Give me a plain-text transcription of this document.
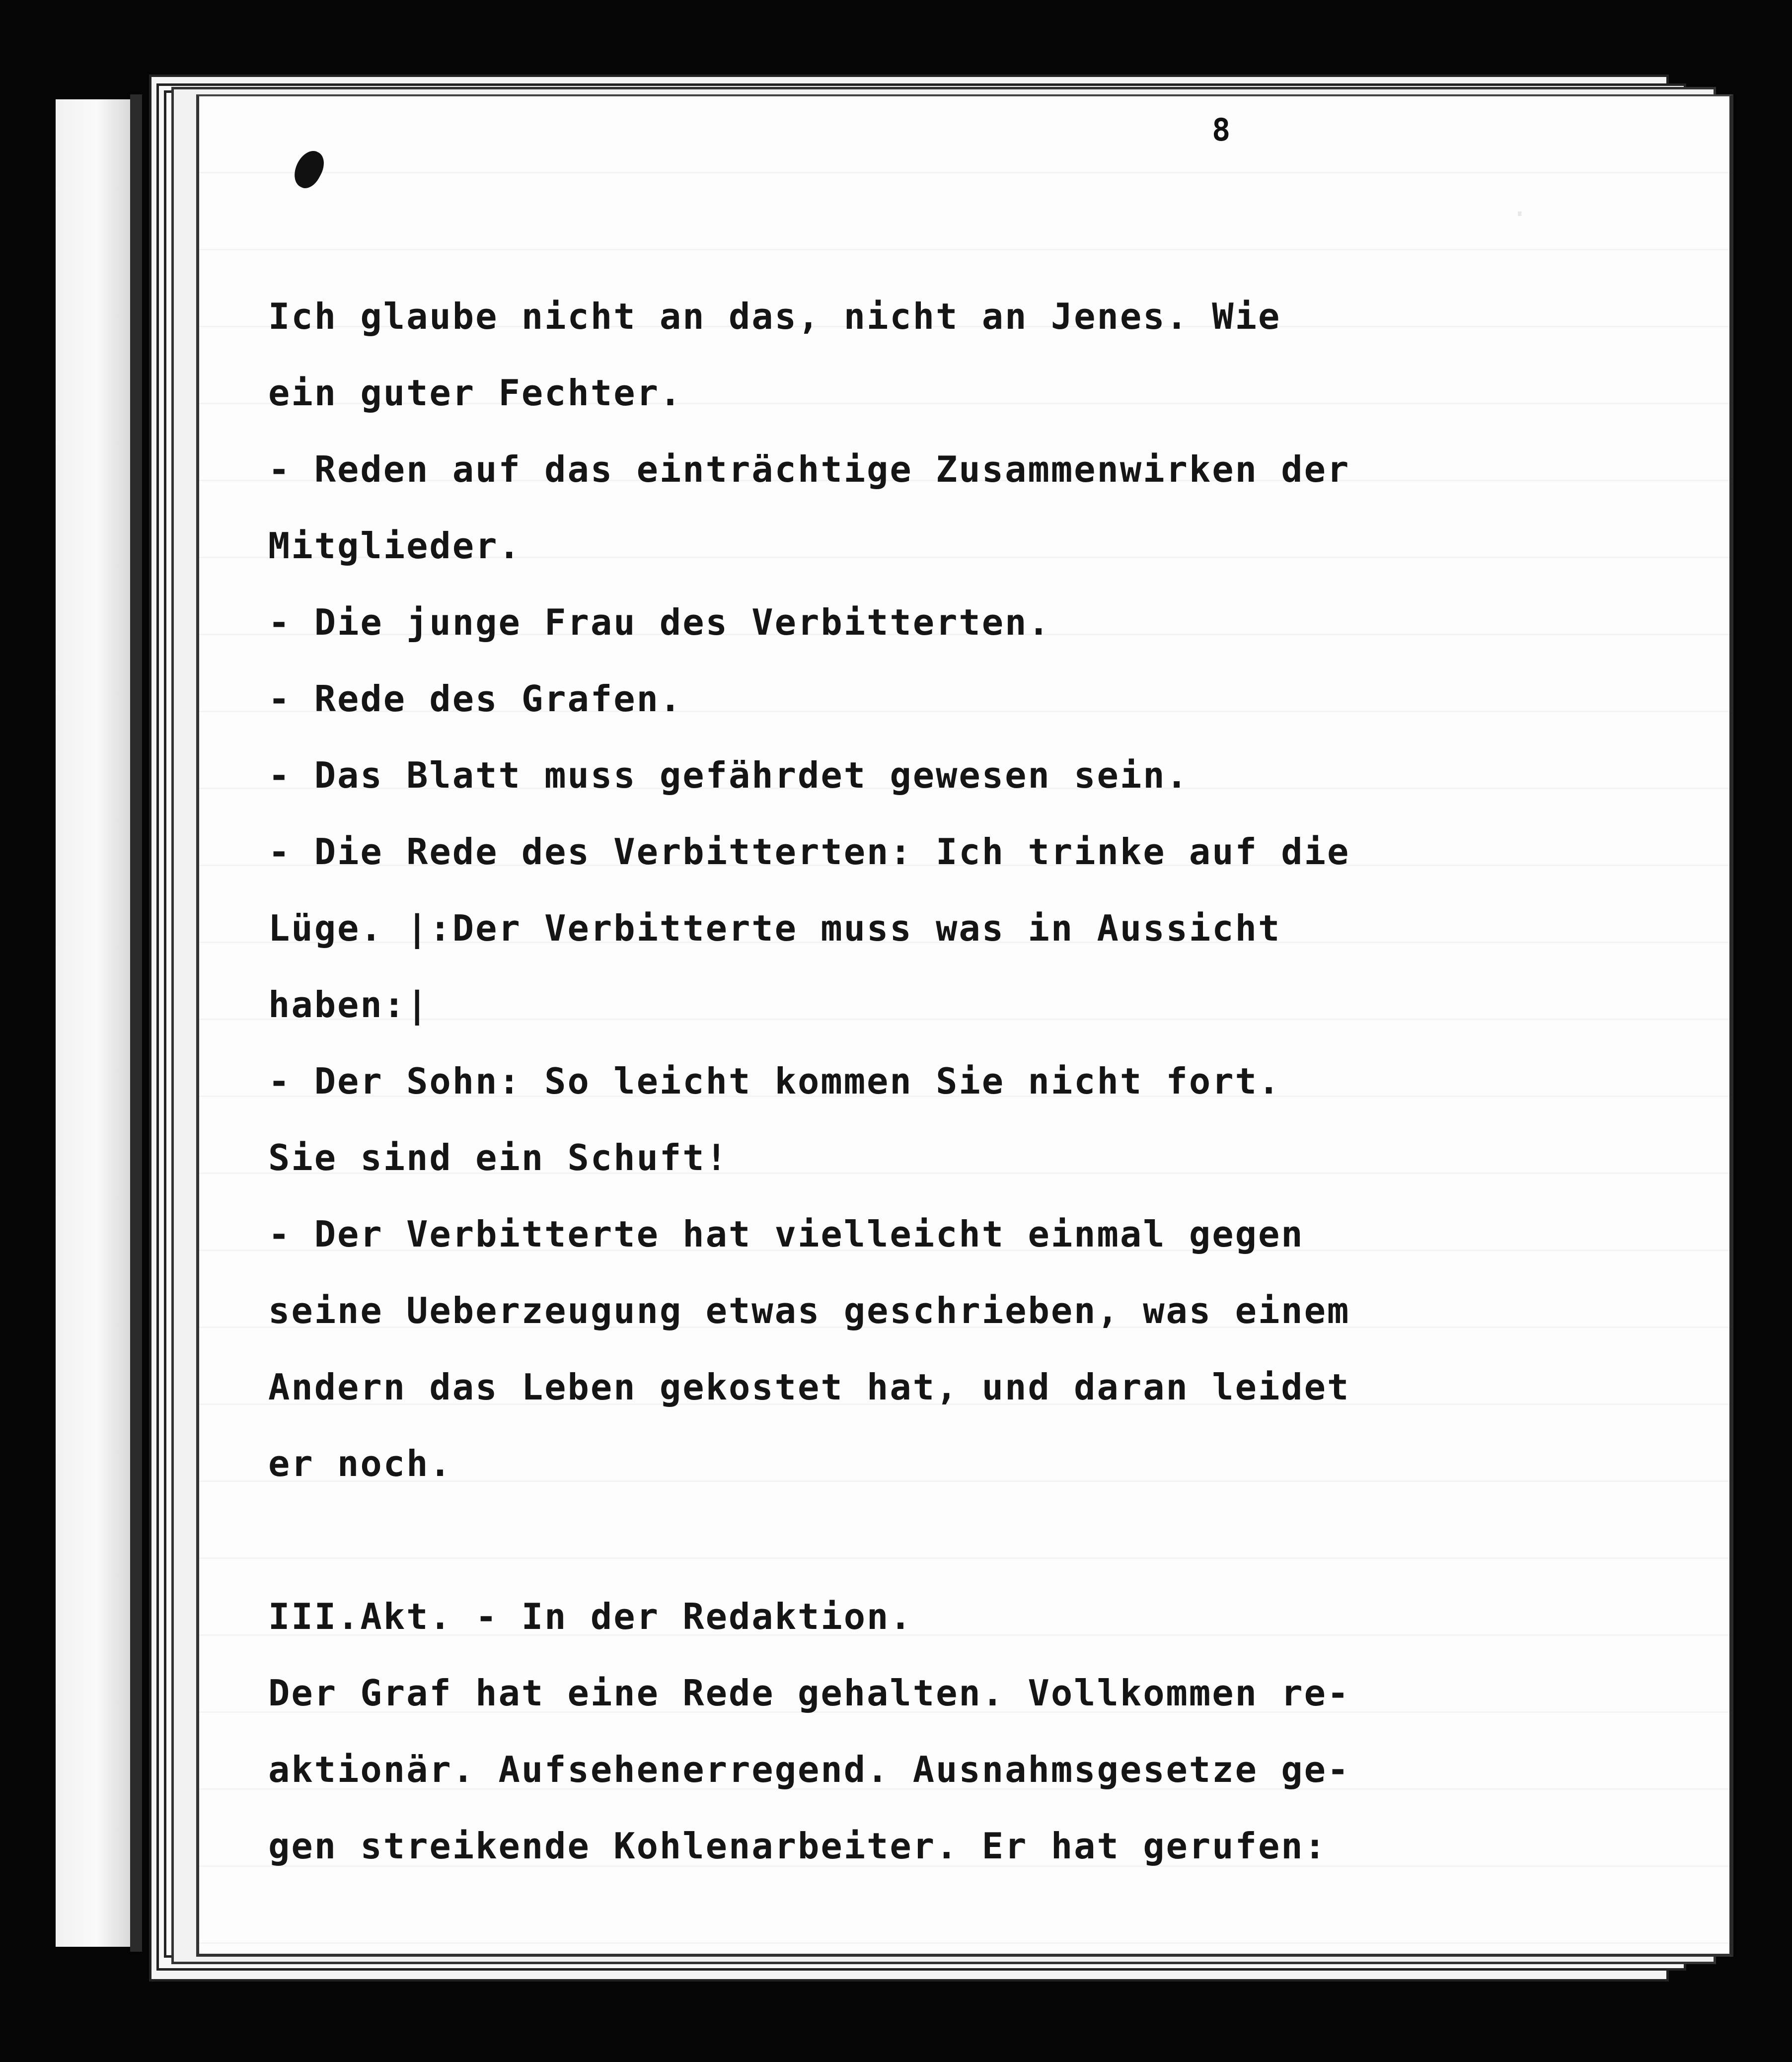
·
8
Ich glaube nicht an das, nicht an Jenes. Wie
ein guter Fechter.
- Reden auf das einträchtige Zusammenwirken der
Mitglieder.
- Die junge Frau des Verbitterten.
- Rede des Grafen.
- Das Blatt muss gefährdet gewesen sein.
- Die Rede des Verbitterten: Ich trinke auf die
Lüge. |:Der Verbitterte muss was in Aussicht
haben:|
- Der Sohn: So leicht kommen Sie nicht fort.
Sie sind ein Schuft!
- Der Verbitterte hat vielleicht einmal gegen
seine Ueberzeugung etwas geschrieben, was einem
Andern das Leben gekostet hat, und daran leidet
er noch.
III.Akt. - In der Redaktion.
Der Graf hat eine Rede gehalten. Vollkommen re-
aktionär. Aufsehenerregend. Ausnahmsgesetze ge-
gen streikende Kohlenarbeiter. Er hat gerufen:
